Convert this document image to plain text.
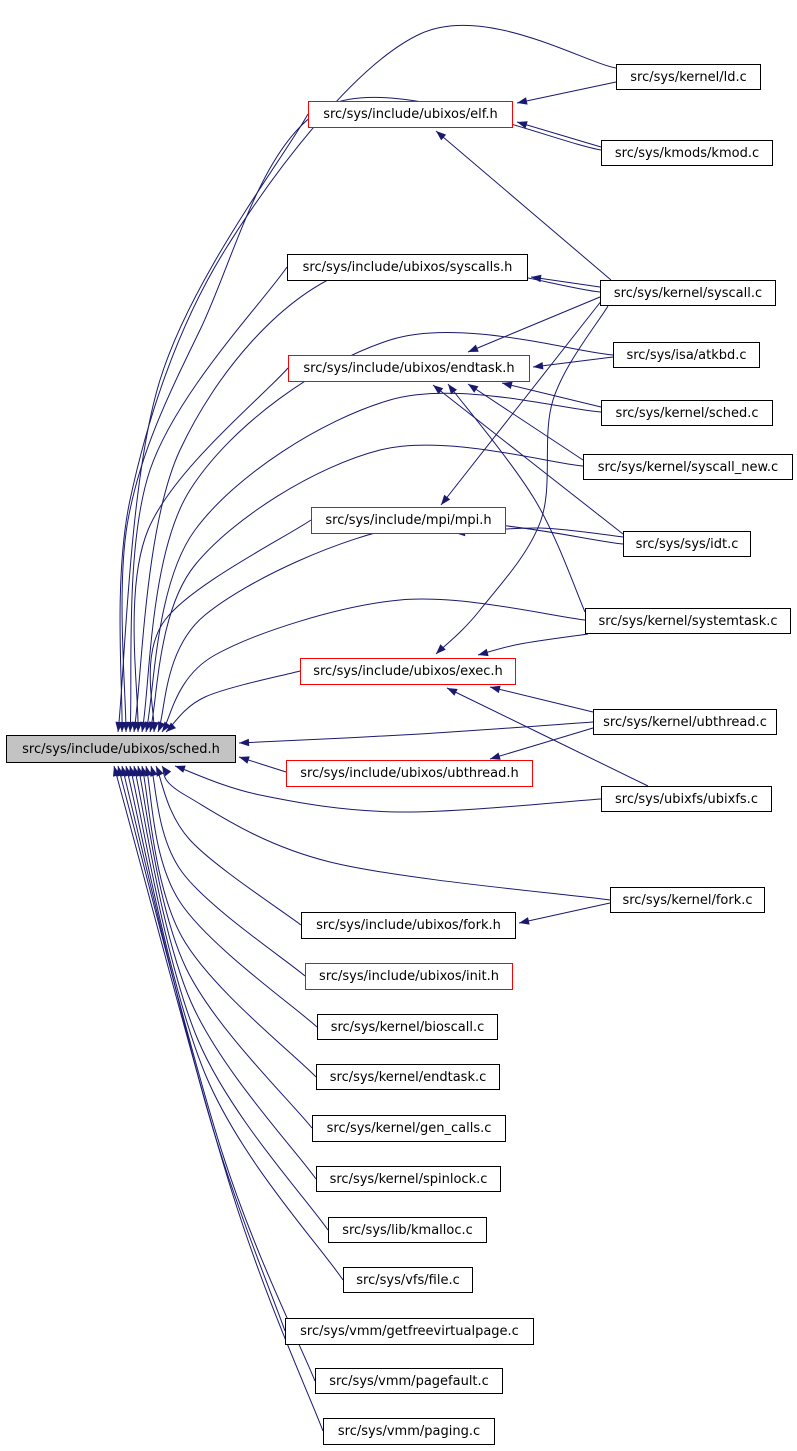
src/sys/include/ubixos/sched.h
src/sys/include/ubixos/elf.h
src/sys/kernel/ld.c
src/sys/kmods/kmod.c
src/sys/include/ubixos/syscalls.h
src/sys/kernel/syscall.c
src/sys/include/ubixos/endtask.h
src/sys/isa/atkbd.c
src/sys/kernel/sched.c
src/sys/kernel/syscall_new.c
src/sys/include/mpi/mpi.h
src/sys/sys/idt.c
src/sys/kernel/systemtask.c
src/sys/include/ubixos/exec.h
src/sys/kernel/ubthread.c
src/sys/include/ubixos/ubthread.h
src/sys/ubixfs/ubixfs.c
src/sys/kernel/fork.c
src/sys/include/ubixos/fork.h
src/sys/include/ubixos/init.h
src/sys/kernel/bioscall.c
src/sys/kernel/endtask.c
src/sys/kernel/gen_calls.c
src/sys/kernel/spinlock.c
src/sys/lib/kmalloc.c
src/sys/vfs/file.c
src/sys/vmm/getfreevirtualpage.c
src/sys/vmm/pagefault.c
src/sys/vmm/paging.c
